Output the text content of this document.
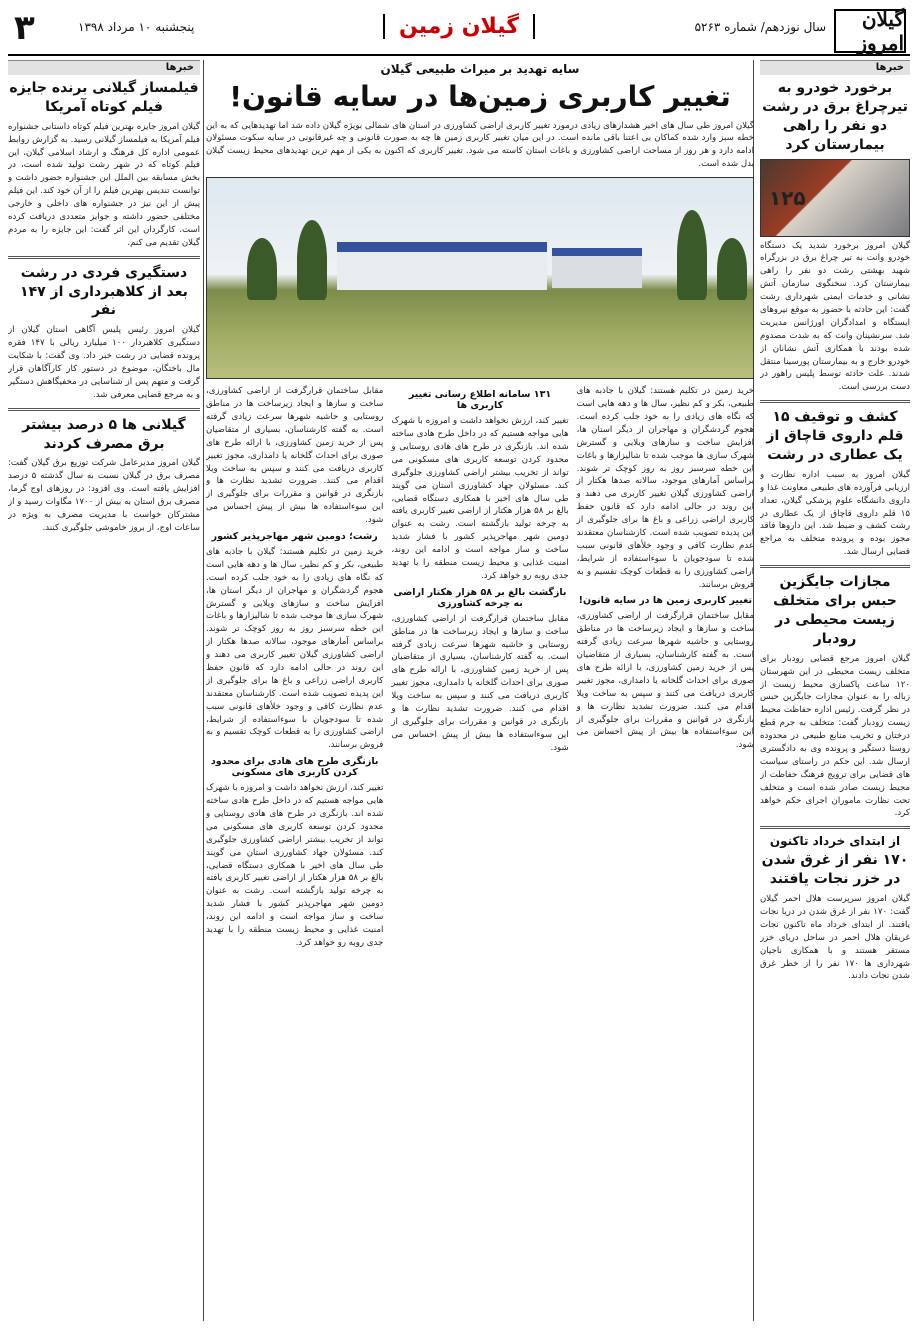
۳	پنجشنبه ۱۰ مرداد ۱۳۹۸	گیلان زمین	سال نوزدهم/ شماره ۵۲۶۳	گیلان امروز
خبرها
برخورد خودرو به تیرچراغ برق در رشت دو نفر را راهی بیمارستان کرد
۱۲۵
گیلان امروز برخورد شدید یک دستگاه خودرو وانت به تیر چراغ برق در بزرگراه شهید بهشتی رشت دو نفر را راهی بیمارستان کرد. سخنگوی سازمان آتش نشانی و خدمات ایمنی شهرداری رشت گفت: این حادثه با حضور به موقع نیروهای ایستگاه و امدادگران اورژانس مدیریت شد. سرنشینان وانت که به شدت مصدوم شده بودند با همکاری آتش نشانان از خودرو خارج و به بیمارستان پورسینا منتقل شدند. علت حادثه توسط پلیس راهور در دست بررسی است.
کشف و توقیف ۱۵ قلم داروی قاچاق از یک عطاری در رشت
گیلان امروز به سبب اداره نظارت و ارزیابی فرآورده های طبیعی معاونت غذا و داروی دانشگاه علوم پزشکی گیلان، تعداد ۱۵ قلم داروی قاچاق از یک عطاری در رشت کشف و ضبط شد. این داروها فاقد مجوز بوده و پرونده متخلف به مراجع قضایی ارسال شد.
مجازات جایگزین حبس برای متخلف زیست محیطی در رودبار
گیلان امروز مرجع قضایی رودبار برای متخلف زیست محیطی در این شهرستان ۱۲۰ ساعت پاکسازی محیط زیست از زباله را به عنوان مجازات جایگزین حبس در نظر گرفت. رئیس اداره حفاظت محیط زیست رودبار گفت: متخلف به جرم قطع درختان و تخریب منابع طبیعی در محدوده روستا دستگیر و پرونده وی به دادگستری ارسال شد. این حکم در راستای سیاست های قضایی برای ترویج فرهنگ حفاظت از محیط زیست صادر شده است و متخلف تحت نظارت ماموران اجرای حکم خواهد کرد.
از ابتدای خرداد تاکنون
۱۷۰ نفر از غرق شدن در خزر نجات یافتند
گیلان امروز سرپرست هلال احمر گیلان گفت: ۱۷۰ نفر از غرق شدن در دریا نجات یافتند. از ابتدای خرداد ماه تاکنون نجات غریقان هلال احمر در ساحل دریای خزر مستقر هستند و با همکاری ناجیان شهرداری ها ۱۷۰ نفر را از خطر غرق شدن نجات دادند.
خبرها
فیلمساز گیلانی برنده جایزه فیلم کوتاه آمریکا
گیلان امروز جایزه بهترین فیلم کوتاه داستانی جشنواره فیلم آمریکا به فیلمساز گیلانی رسید. به گزارش روابط عمومی اداره کل فرهنگ و ارشاد اسلامی گیلان، این فیلم کوتاه که در شهر رشت تولید شده است، در بخش مسابقه بین الملل این جشنواره حضور داشت و توانست تندیس بهترین فیلم را از آن خود کند. این فیلم پیش از این نیز در جشنواره های داخلی و خارجی مختلفی حضور داشته و جوایز متعددی دریافت کرده است. کارگردان این اثر گفت: این جایزه را به مردم گیلان تقدیم می کنم.
دستگیری فردی در رشت بعد از کلاهبرداری از ۱۴۷ نفر
گیلان امروز رئیس پلیس آگاهی استان گیلان از دستگیری کلاهبردار ۱۰۰ میلیارد ریالی با ۱۴۷ فقره پرونده قضایی در رشت خبر داد. وی گفت: با شکایت مال باختگان، موضوع در دستور کار کارآگاهان قرار گرفت و متهم پس از شناسایی در مخفیگاهش دستگیر و به مرجع قضایی معرفی شد.
گیلانی ها ۵ درصد بیشتر برق مصرف کردند
گیلان امروز مدیرعامل شرکت توزیع برق گیلان گفت: مصرف برق در گیلان نسبت به سال گذشته ۵ درصد افزایش یافته است. وی افزود: در روزهای اوج گرما، مصرف برق استان به بیش از ۱۷۰۰ مگاوات رسید و از مشترکان خواست با مدیریت مصرف به ویژه در ساعات اوج، از بروز خاموشی جلوگیری کنند.
سایه تهدید بر میراث طبیعی گیلان
تغییر کاربری زمین‌ها در سایه قانون!
گیلان امروز طی سال های اخیر هشدارهای زیادی درمورد تغییر کاربری اراضی کشاورزی در استان های شمالی بویژه گیلان داده شد اما تهدیدهایی که به این خطه سبز وارد شده کماکان بی اعتنا باقی مانده است. در این میان تغییر کاربری زمین ها چه به صورت قانونی و چه غیرقانونی در سایه سکوت مسئولان ادامه دارد و هر روز از مساحت اراضی کشاورزی و باغات استان کاسته می شود. تغییر کاربری که اکنون به یکی از مهم ترین تهدیدهای محیط زیست گیلان بدل شده است.
خرید زمین در تکلیم هستند: گیلان با جاذبه های طبیعی، بکر و کم نظیر، سال ها و دهه هایی است که نگاه های زیادی را به خود جلب کرده است. هجوم گردشگران و مهاجران از دیگر استان ها، افزایش ساخت و سازهای ویلایی و گسترش شهرک سازی ها موجب شده تا شالیزارها و باغات این خطه سرسبز روز به روز کوچک تر شوند. براساس آمارهای موجود، سالانه صدها هکتار از اراضی کشاورزی گیلان تغییر کاربری می دهند و این روند در حالی ادامه دارد که قانون حفظ کاربری اراضی زراعی و باغ ها برای جلوگیری از این پدیده تصویب شده است. کارشناسان معتقدند عدم نظارت کافی و وجود خلأهای قانونی سبب شده تا سودجویان با سوءاستفاده از شرایط، اراضی کشاورزی را به قطعات کوچک تقسیم و به فروش برسانند.
تغییر کاربری زمین ها در سایه قانون!
مقابل ساختمان قرارگرفت از اراضی کشاورزی، ساخت و سازها و ایجاد زیرساخت ها در مناطق روستایی و حاشیه شهرها سرعت زیادی گرفته است. به گفته کارشناسان، بسیاری از متقاضیان پس از خرید زمین کشاورزی، با ارائه طرح های صوری برای احداث گلخانه یا دامداری، مجوز تغییر کاربری دریافت می کنند و سپس به ساخت ویلا اقدام می کنند. ضرورت تشدید نظارت ها و بازنگری در قوانین و مقررات برای جلوگیری از این سوءاستفاده ها بیش از پیش احساس می شود.
۱۳۱ سامانه اطلاع رسانی تغییر کاربری ها
تغییر کند، ارزش نخواهد داشت و امروزه با شهرک هایی مواجه هستیم که در داخل طرح هادی ساخته شده اند. بازنگری در طرح های هادی روستایی و محدود کردن توسعه کاربری های مسکونی می تواند از تخریب بیشتر اراضی کشاورزی جلوگیری کند. مسئولان جهاد کشاورزی استان می گویند طی سال های اخیر با همکاری دستگاه قضایی، بالغ بر ۵۸ هزار هکتار از اراضی تغییر کاربری یافته به چرخه تولید بازگشته است. رشت به عنوان دومین شهر مهاجرپذیر کشور با فشار شدید ساخت و ساز مواجه است و ادامه این روند، امنیت غذایی و محیط زیست منطقه را با تهدید جدی روبه رو خواهد کرد.
بازگشت بالغ بر ۵۸ هزار هکتار اراضی به چرخه کشاورزی
مقابل ساختمان قرارگرفت از اراضی کشاورزی، ساخت و سازها و ایجاد زیرساخت ها در مناطق روستایی و حاشیه شهرها سرعت زیادی گرفته است. به گفته کارشناسان، بسیاری از متقاضیان پس از خرید زمین کشاورزی، با ارائه طرح های صوری برای احداث گلخانه یا دامداری، مجوز تغییر کاربری دریافت می کنند و سپس به ساخت ویلا اقدام می کنند. ضرورت تشدید نظارت ها و بازنگری در قوانین و مقررات برای جلوگیری از این سوءاستفاده ها بیش از پیش احساس می شود.
مقابل ساختمان قرارگرفت از اراضی کشاورزی، ساخت و سازها و ایجاد زیرساخت ها در مناطق روستایی و حاشیه شهرها سرعت زیادی گرفته است. به گفته کارشناسان، بسیاری از متقاضیان پس از خرید زمین کشاورزی، با ارائه طرح های صوری برای احداث گلخانه یا دامداری، مجوز تغییر کاربری دریافت می کنند و سپس به ساخت ویلا اقدام می کنند. ضرورت تشدید نظارت ها و بازنگری در قوانین و مقررات برای جلوگیری از این سوءاستفاده ها بیش از پیش احساس می شود.
رشت؛ دومین شهر مهاجرپذیر کشور
خرید زمین در تکلیم هستند: گیلان با جاذبه های طبیعی، بکر و کم نظیر، سال ها و دهه هایی است که نگاه های زیادی را به خود جلب کرده است. هجوم گردشگران و مهاجران از دیگر استان ها، افزایش ساخت و سازهای ویلایی و گسترش شهرک سازی ها موجب شده تا شالیزارها و باغات این خطه سرسبز روز به روز کوچک تر شوند. براساس آمارهای موجود، سالانه صدها هکتار از اراضی کشاورزی گیلان تغییر کاربری می دهند و این روند در حالی ادامه دارد که قانون حفظ کاربری اراضی زراعی و باغ ها برای جلوگیری از این پدیده تصویب شده است. کارشناسان معتقدند عدم نظارت کافی و وجود خلأهای قانونی سبب شده تا سودجویان با سوءاستفاده از شرایط، اراضی کشاورزی را به قطعات کوچک تقسیم و به فروش برسانند.
بازنگری طرح های هادی برای محدود کردن کاربری های مسکونی
تغییر کند، ارزش نخواهد داشت و امروزه با شهرک هایی مواجه هستیم که در داخل طرح هادی ساخته شده اند. بازنگری در طرح های هادی روستایی و محدود کردن توسعه کاربری های مسکونی می تواند از تخریب بیشتر اراضی کشاورزی جلوگیری کند. مسئولان جهاد کشاورزی استان می گویند طی سال های اخیر با همکاری دستگاه قضایی، بالغ بر ۵۸ هزار هکتار از اراضی تغییر کاربری یافته به چرخه تولید بازگشته است. رشت به عنوان دومین شهر مهاجرپذیر کشور با فشار شدید ساخت و ساز مواجه است و ادامه این روند، امنیت غذایی و محیط زیست منطقه را با تهدید جدی روبه رو خواهد کرد.
